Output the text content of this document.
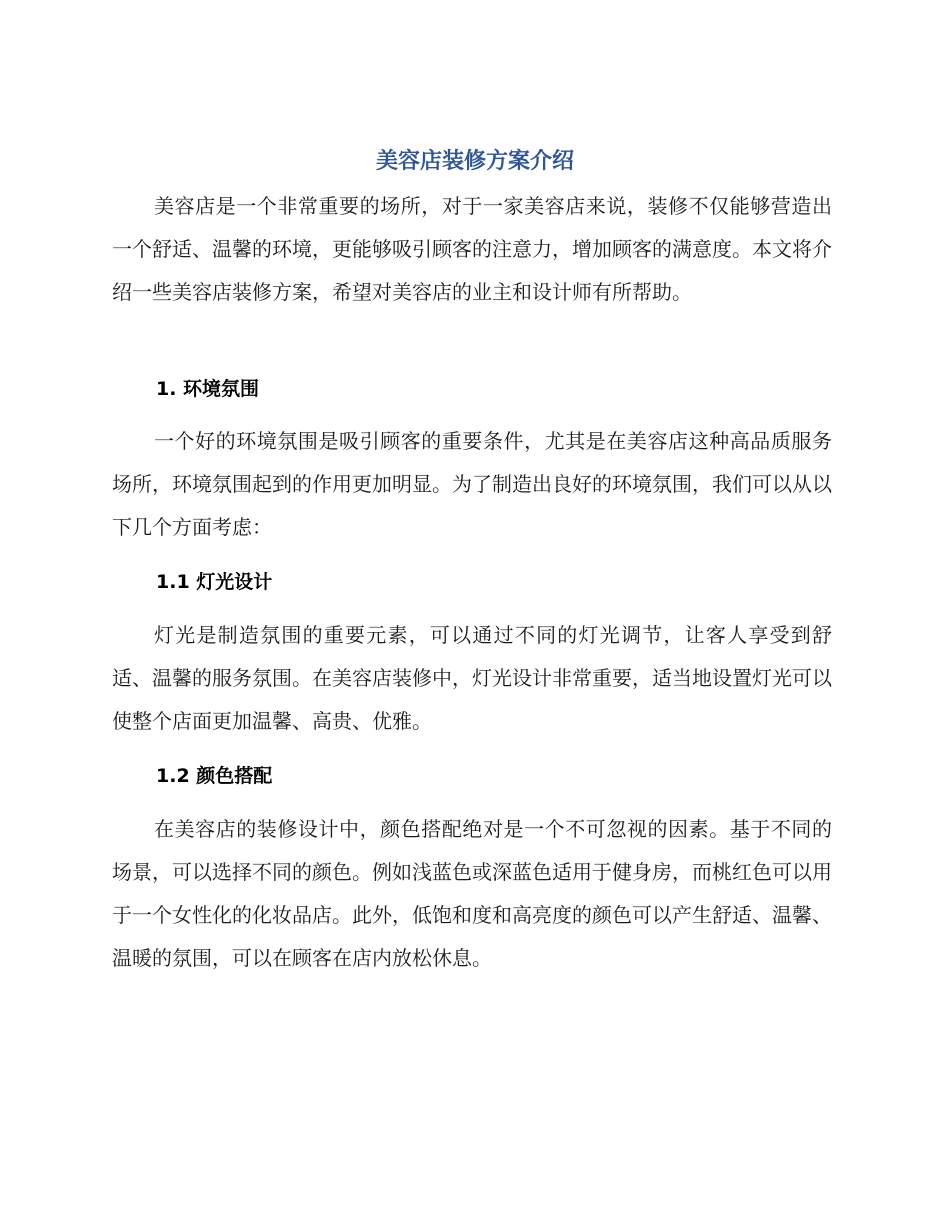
美容店装修方案介绍

美容店是一个非常重要的场所，对于一家美容店来说，装修不仅能够营造出一个舒适、温馨的环境，更能够吸引顾客的注意力，增加顾客的满意度。本文将介绍一些美容店装修方案，希望对美容店的业主和设计师有所帮助。

1. 环境氛围

一个好的环境氛围是吸引顾客的重要条件，尤其是在美容店这种高品质服务场所，环境氛围起到的作用更加明显。为了制造出良好的环境氛围，我们可以从以下几个方面考虑：

1.1 灯光设计

灯光是制造氛围的重要元素，可以通过不同的灯光调节，让客人享受到舒适、温馨的服务氛围。在美容店装修中，灯光设计非常重要，适当地设置灯光可以使整个店面更加温馨、高贵、优雅。

1.2 颜色搭配

在美容店的装修设计中，颜色搭配绝对是一个不可忽视的因素。基于不同的场景，可以选择不同的颜色。例如浅蓝色或深蓝色适用于健身房，而桃红色可以用于一个女性化的化妆品店。此外，低饱和度和高亮度的颜色可以产生舒适、温馨、温暖的氛围，可以在顾客在店内放松休息。
